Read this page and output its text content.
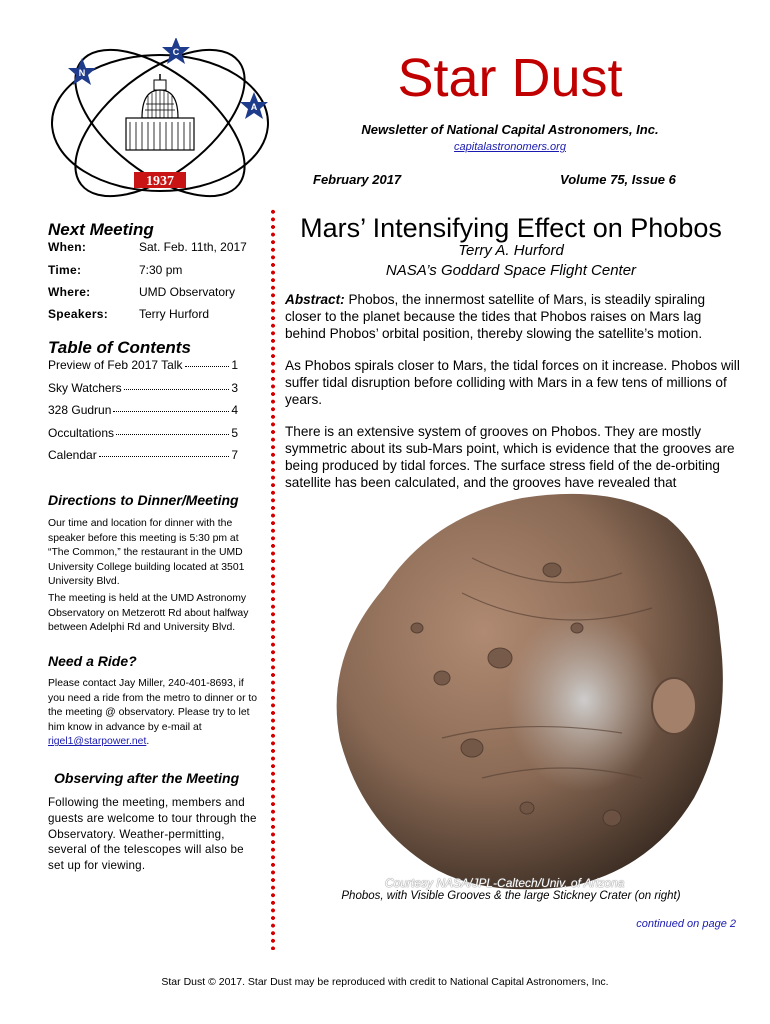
1937
N
C
A	Star Dust
Newsletter of National Capital Astronomers, Inc.
capitalastronomers.org
February 2017	Volume 75, Issue 6
Next Meeting
When:	Sat. Feb. 11th, 2017
Time:	7:30 pm
Where:	UMD Observatory
Speakers:	Terry Hurford
Table of Contents
Preview of Feb 2017 Talk	1
Sky Watchers	3
328 Gudrun	4
Occultations	5
Calendar	7
Directions to Dinner/Meeting
Our time and location for dinner with the speaker before this meeting is 5:30 pm at “The Common,” the restaurant in the UMD University College building located at 3501 University Blvd.
The meeting is held at the UMD Astronomy Observatory on Metzerott Rd about halfway between Adelphi Rd and University Blvd.
Need a Ride?
Please contact Jay Miller, 240-401-8693, if you need a ride from the metro to dinner or to the meeting @ observatory. Please try to let him know in advance by e-mail at rigel1@starpower.net.
Observing after the Meeting
Following the meeting, members and guests are welcome to tour through the Observatory. Weather-permitting, several of the telescopes will also be set up for viewing.
Mars’ Intensifying Effect on Phobos
Terry A. Hurford
NASA’s Goddard Space Flight Center
Abstract: Phobos, the innermost satellite of Mars, is steadily spiraling closer to the planet because the tides that Phobos raises on Mars lag behind Phobos’ orbital position, thereby slowing the satellite’s motion.
As Phobos spirals closer to Mars, the tidal forces on it increase. Phobos will suffer tidal disruption before colliding with Mars in a few tens of millions of years.
There is an extensive system of grooves on Phobos. They are mostly symmetric about its sub-Mars point, which is evidence that the grooves are being produced by tidal forces. The surface stress field of the de-orbiting satellite has been calculated, and the grooves have revealed that
Courtesy NASA/JPL-Caltech/Univ. of Arizona
Phobos, with Visible Grooves & the large Stickney Crater (on right)
continued on page 2
Star Dust © 2017. Star Dust may be reproduced with credit to National Capital Astronomers, Inc.
